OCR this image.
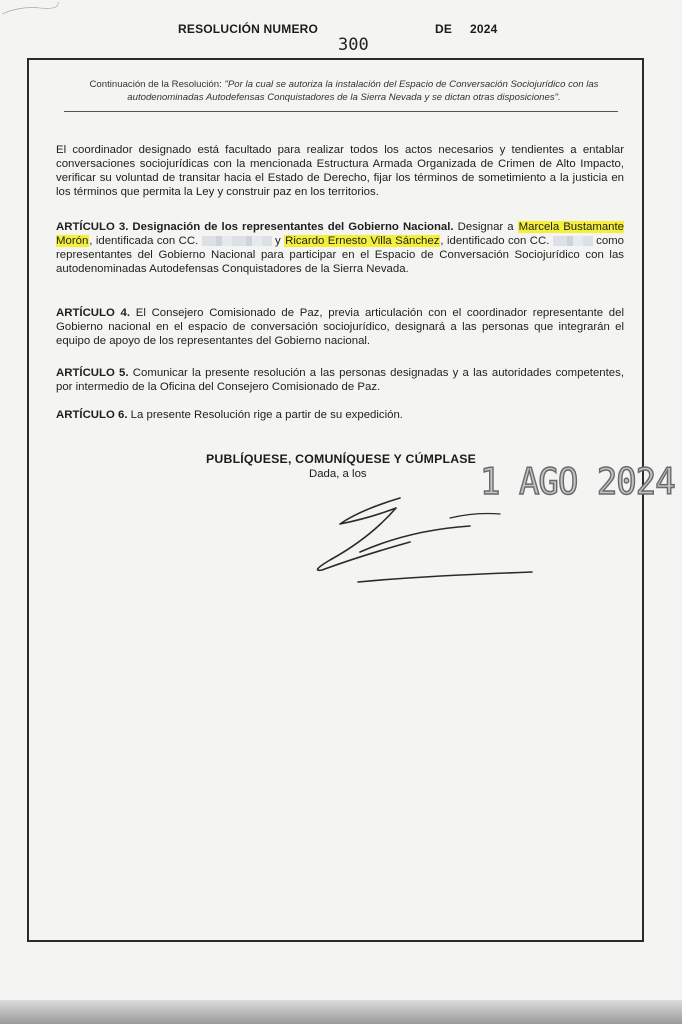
RESOLUCIÓN NUMERO	DE 2024
300
Continuación de la Resolución: "Por la cual se autoriza la instalación del Espacio de Conversación Sociojurídico con las autodenominadas Autodefensas Conquistadores de la Sierra Nevada y se dictan otras disposiciones".
El coordinador designado está facultado para realizar todos los actos necesarios y tendientes a entablar conversaciones sociojurídicas con la mencionada Estructura Armada Organizada de Crimen de Alto Impacto, verificar su voluntad de transitar hacia el Estado de Derecho, fijar los términos de sometimiento a la justicia en los términos que permita la Ley y construir paz en los territorios.
ARTÍCULO 3. Designación de los representantes del Gobierno Nacional. Designar a Marcela Bustamante Morón, identificada con CC.	y Ricardo Ernesto Villa Sánchez, identificado con CC.	como representantes del Gobierno Nacional para participar en el Espacio de Conversación Sociojurídico con las autodenominadas Autodefensas Conquistadores de la Sierra Nevada.
ARTÍCULO 4. El Consejero Comisionado de Paz, previa articulación con el coordinador representante del Gobierno nacional en el espacio de conversación sociojurídico, designará a las personas que integrarán el equipo de apoyo de los representantes del Gobierno nacional.
ARTÍCULO 5. Comunicar la presente resolución a las personas designadas y a las autoridades competentes, por intermedio de la Oficina del Consejero Comisionado de Paz.
ARTÍCULO 6. La presente Resolución rige a partir de su expedición.
PUBLÍQUESE, COMUNÍQUESE Y CÚMPLASE
Dada, a los	1 AGO 2024
